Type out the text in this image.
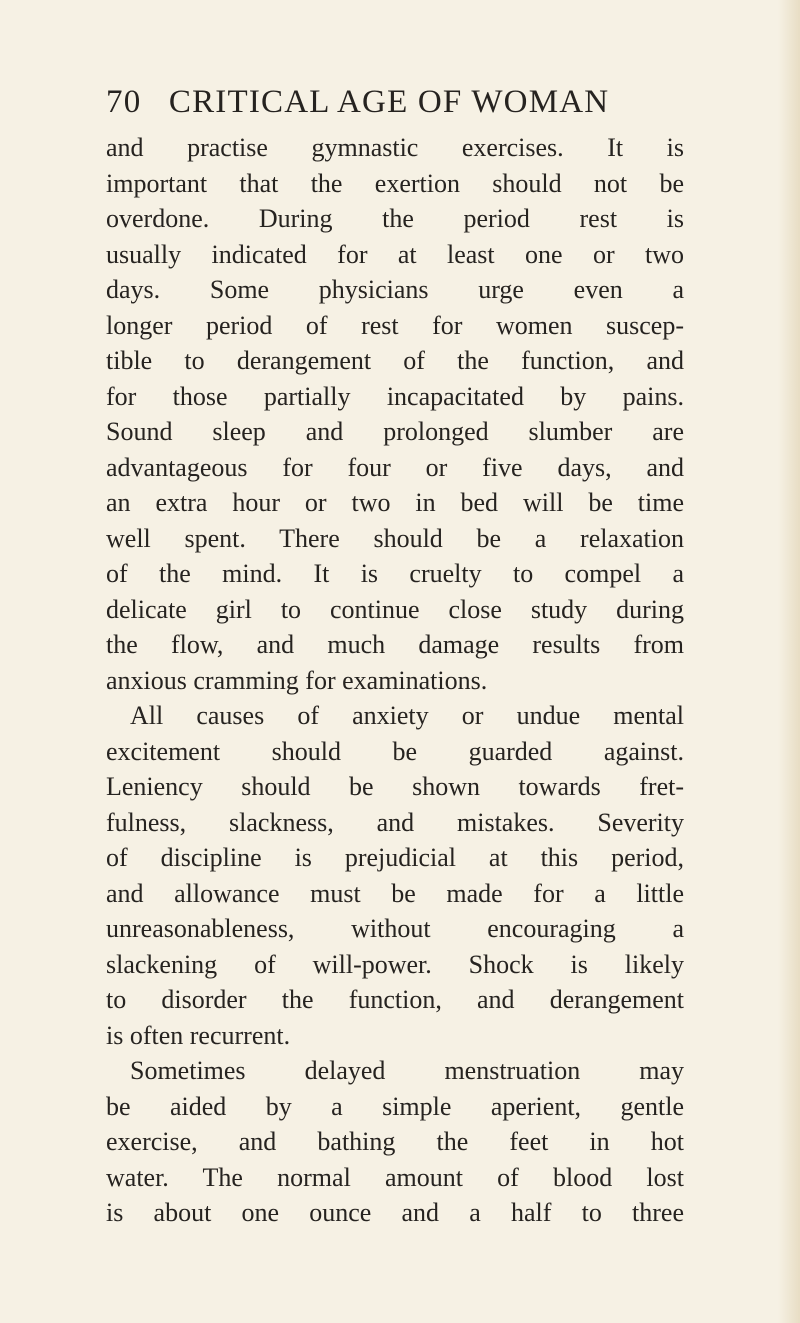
70 CRITICAL AGE OF WOMAN
and practise gymnastic exercises. It is
important that the exertion should not be
overdone. During the period rest is
usually indicated for at least one or two
days. Some physicians urge even a
longer period of rest for women suscep-
tible to derangement of the function, and
for those partially incapacitated by pains.
Sound sleep and prolonged slumber are
advantageous for four or five days, and
an extra hour or two in bed will be time
well spent. There should be a relaxation
of the mind. It is cruelty to compel a
delicate girl to continue close study during
the flow, and much damage results from
anxious cramming for examinations.
All causes of anxiety or undue mental
excitement should be guarded against.
Leniency should be shown towards fret-
fulness, slackness, and mistakes. Severity
of discipline is prejudicial at this period,
and allowance must be made for a little
unreasonableness, without encouraging a
slackening of will-power. Shock is likely
to disorder the function, and derangement
is often recurrent.
Sometimes delayed menstruation may
be aided by a simple aperient, gentle
exercise, and bathing the feet in hot
water. The normal amount of blood lost
is about one ounce and a half to three
